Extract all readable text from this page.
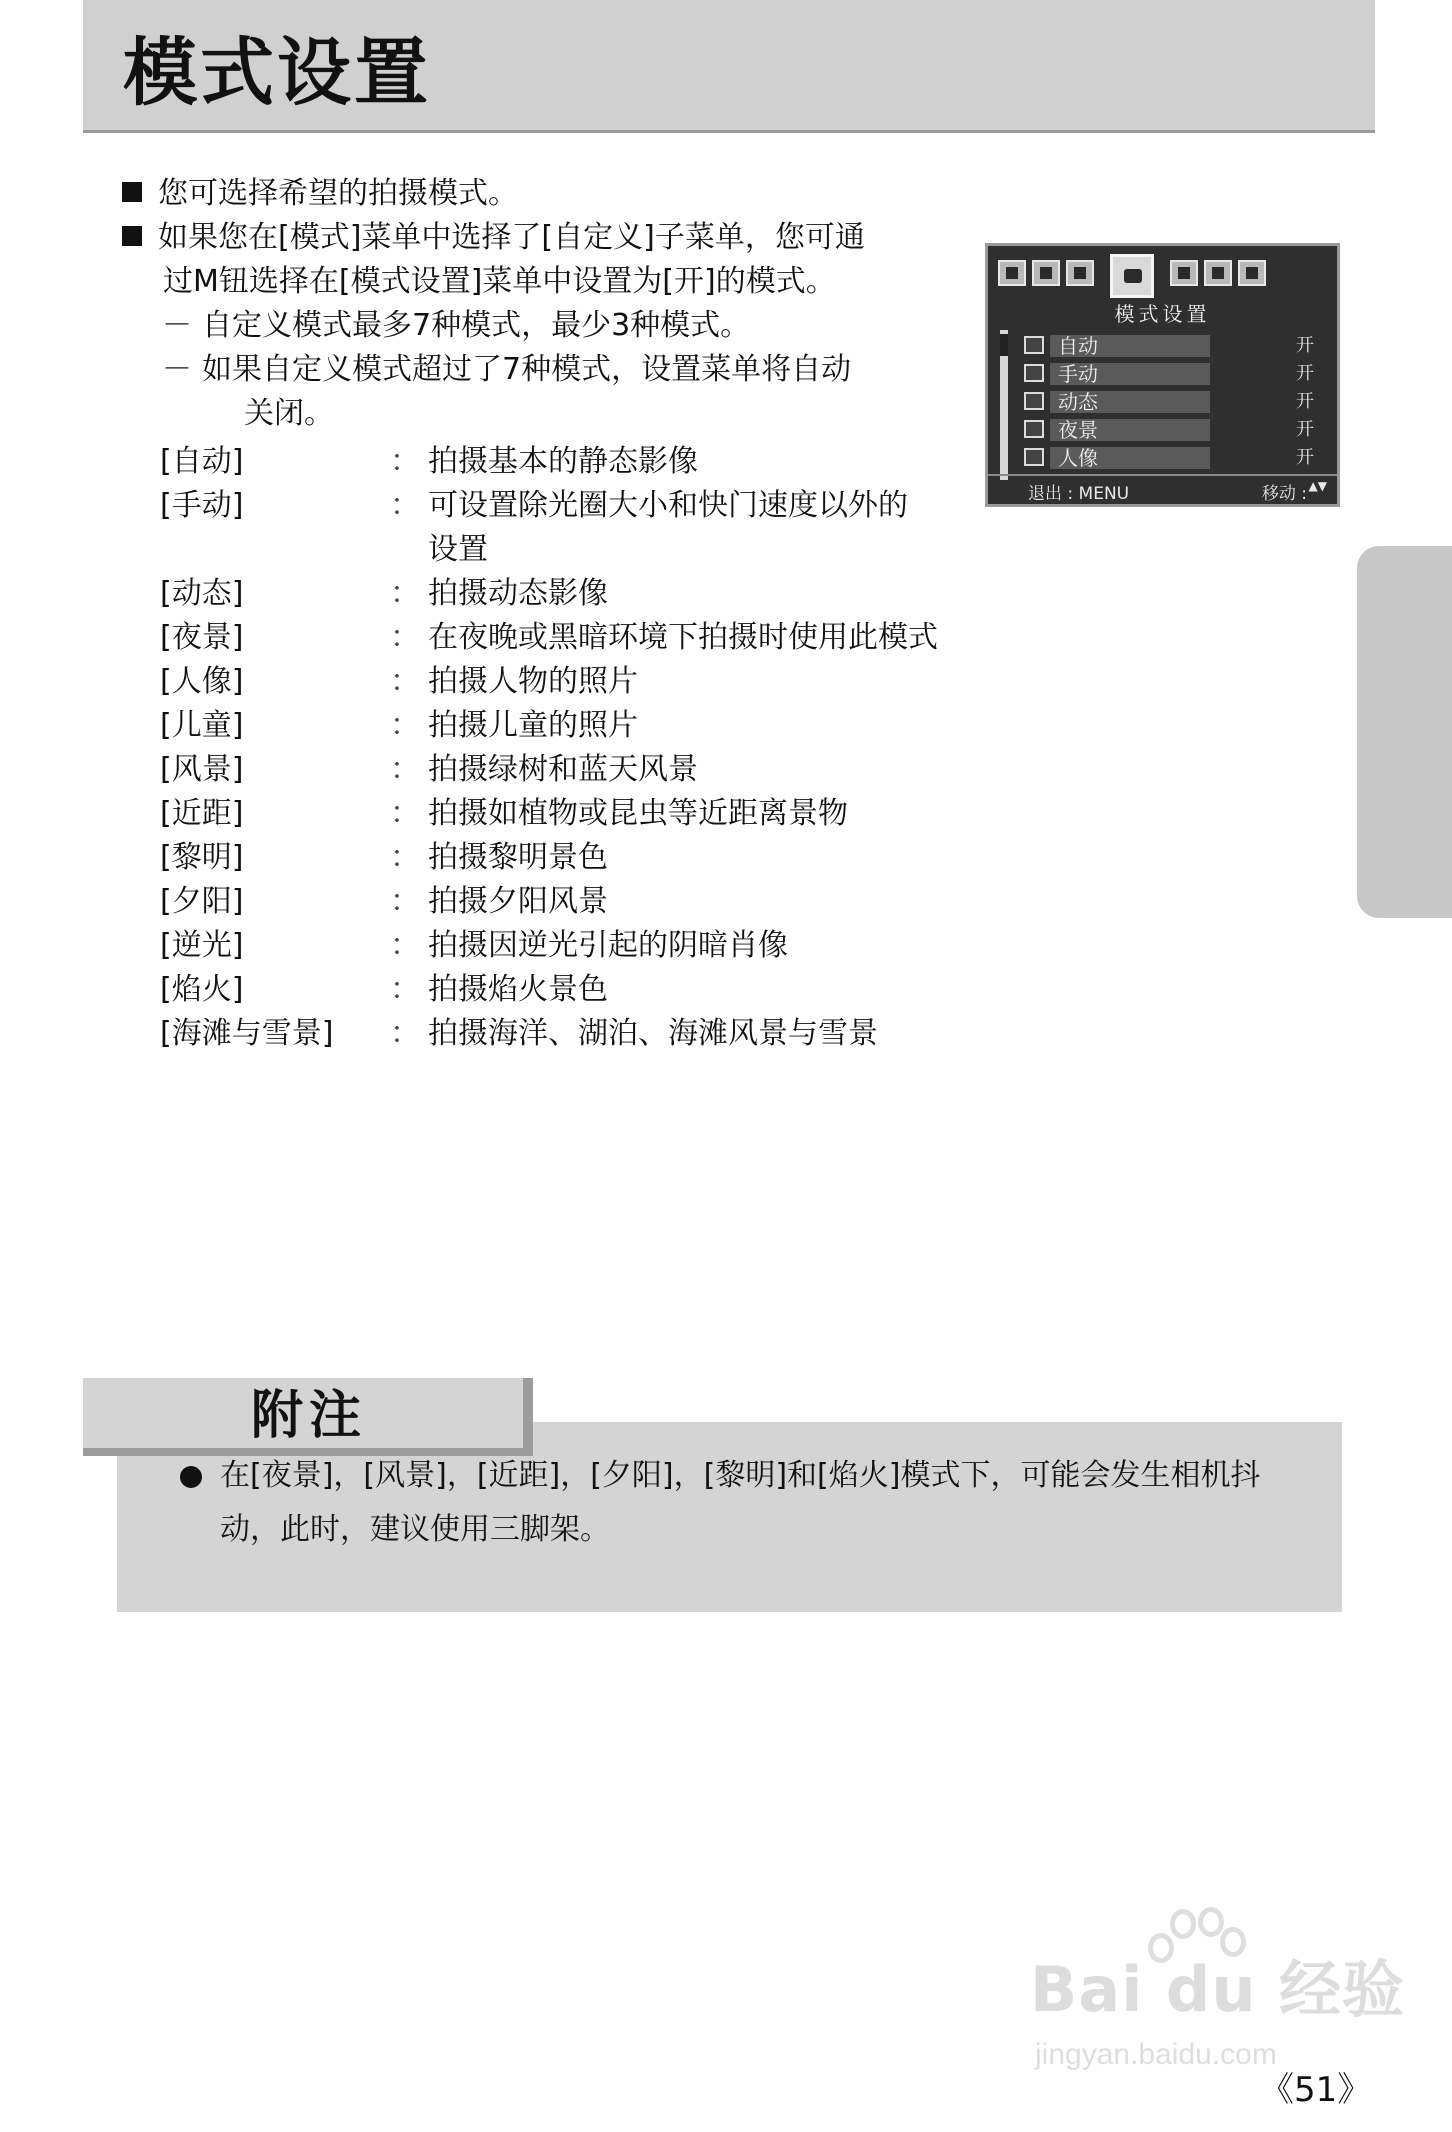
模式设置
您可选择希望的拍摄模式。
如果您在[模式]菜单中选择了[自定义]子菜单，您可通
过M钮选择在[模式设置]菜单中设置为[开]的模式。
－ 自定义模式最多7种模式，最少3种模式。
－ 如果自定义模式超过了7种模式，设置菜单将自动
关闭。
[自动]	： 拍摄基本的静态影像
[手动]	： 可设置除光圈大小和快门速度以外的设置
[动态]	： 拍摄动态影像
[夜景]	： 在夜晚或黑暗环境下拍摄时使用此模式
[人像]	： 拍摄人物的照片
[儿童]	： 拍摄儿童的照片
[风景]	： 拍摄绿树和蓝天风景
[近距]	： 拍摄如植物或昆虫等近距离景物
[黎明]	： 拍摄黎明景色
[夕阳]	： 拍摄夕阳风景
[逆光]	： 拍摄因逆光引起的阴暗肖像
[焰火]	： 拍摄焰火景色
[海滩与雪景]	： 拍摄海洋、湖泊、海滩风景与雪景
模式设置
自动	开
手动	开
动态	开
夜景	开
人像	开
退出 : MENU	移动 : ▲▼
在[夜景]，[风景]，[近距]，[夕阳]，[黎明]和[焰火]模式下，可能会发生相机抖
动，此时，建议使用三脚架。
附注
Bai du 经验
jingyan.baidu.com
《51》
